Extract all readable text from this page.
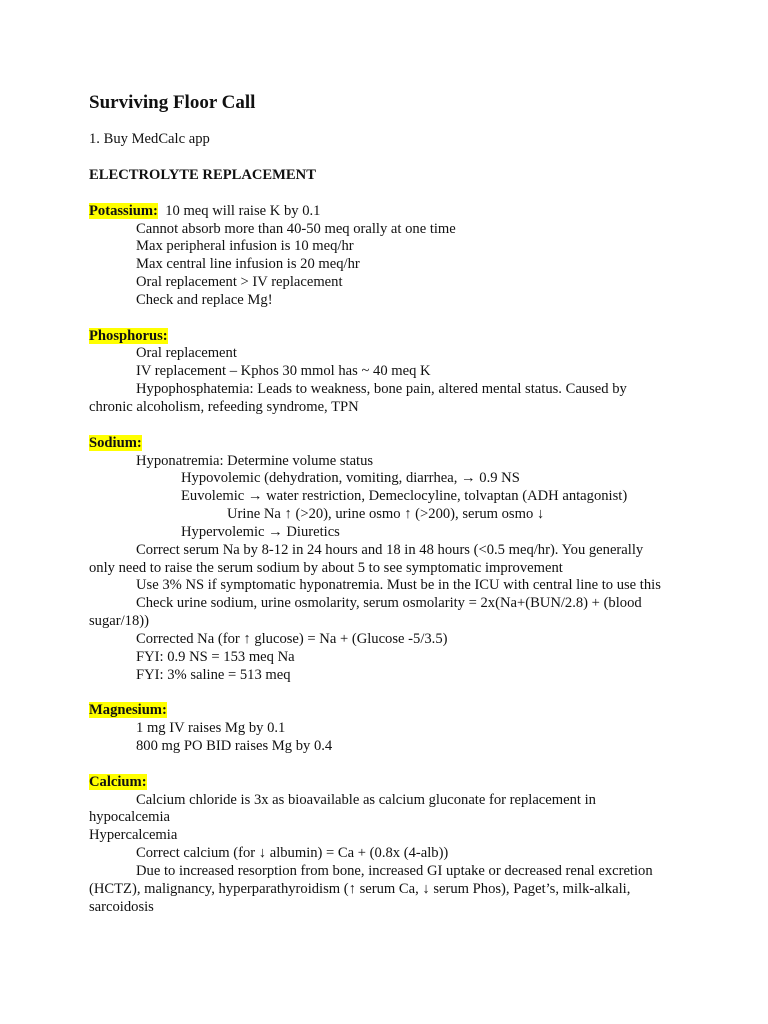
Surviving Floor Call
1. Buy MedCalc app
ELECTROLYTE REPLACEMENT
Potassium:  10 meq will raise K by 0.1
Cannot absorb more than 40-50 meq orally at one time
Max peripheral infusion is 10 meq/hr
Max central line infusion is 20 meq/hr
Oral replacement > IV replacement
Check and replace Mg!
Phosphorus:
Oral replacement
IV replacement – Kphos 30 mmol has ~ 40 meq K
Hypophosphatemia: Leads to weakness, bone pain, altered mental status. Caused by
chronic alcoholism, refeeding syndrome, TPN
Sodium:
Hyponatremia: Determine volume status
Hypovolemic (dehydration, vomiting, diarrhea, → 0.9 NS
Euvolemic → water restriction, Demeclocyline, tolvaptan (ADH antagonist)
Urine Na ↑ (>20), urine osmo ↑ (>200), serum osmo ↓
Hypervolemic → Diuretics
Correct serum Na by 8-12 in 24 hours and 18 in 48 hours (<0.5 meq/hr). You generally
only need to raise the serum sodium by about 5 to see symptomatic improvement
Use 3% NS if symptomatic hyponatremia. Must be in the ICU with central line to use this
Check urine sodium, urine osmolarity, serum osmolarity = 2x(Na+(BUN/2.8) + (blood
sugar/18))
Corrected Na (for ↑ glucose) = Na + (Glucose -5/3.5)
FYI: 0.9 NS = 153 meq Na
FYI: 3% saline = 513 meq
Magnesium:
1 mg IV raises Mg by 0.1
800 mg PO BID raises Mg by 0.4
Calcium:
Calcium chloride is 3x as bioavailable as calcium gluconate for replacement in
hypocalcemia
Hypercalcemia
Correct calcium (for ↓ albumin) = Ca + (0.8x (4-alb))
Due to increased resorption from bone, increased GI uptake or decreased renal excretion
(HCTZ), malignancy, hyperparathyroidism (↑ serum Ca, ↓ serum Phos), Paget’s, milk-alkali,
sarcoidosis
